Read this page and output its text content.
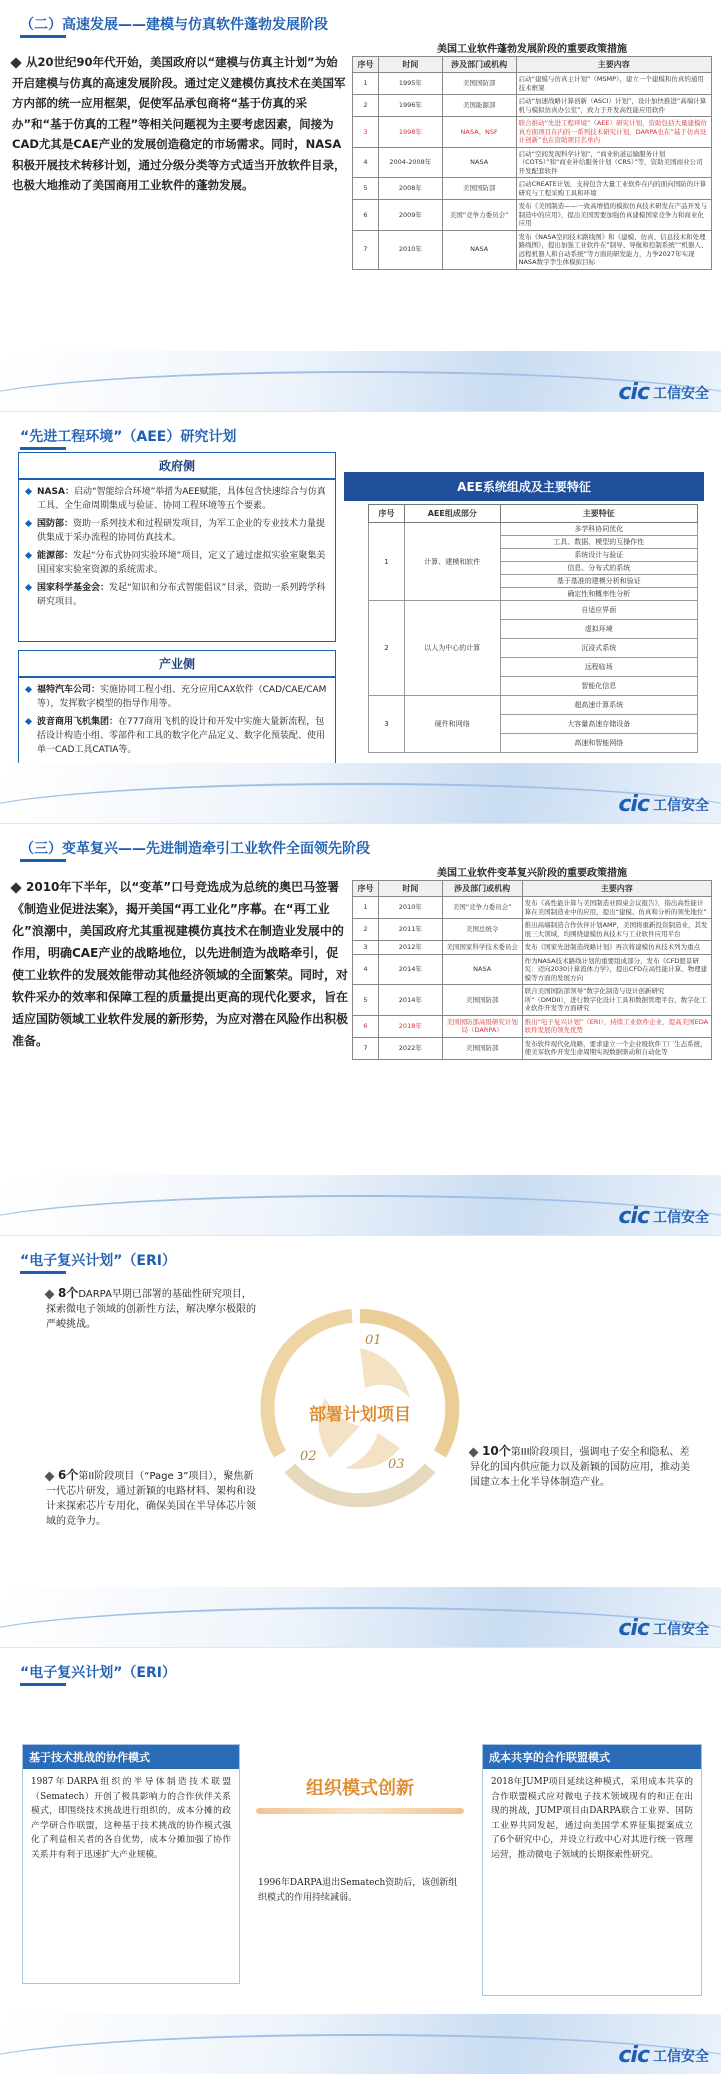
（二）高速发展——建模与仿真软件蓬勃发展阶段
从20世纪90年代开始，美国政府以“建模与仿真主计划”为始开启建模与仿真的高速发展阶段。通过定义建模仿真技术在美国军方内部的统一应用框架，促使军品承包商将“基于仿真的采办”和“基于仿真的工程”等相关问题视为主要考虑因素，间接为CAD尤其是CAE产业的发展创造稳定的市场需求。同时，NASA积极开展技术转移计划，通过分级分类等方式适当开放软件目录，也极大地推动了美国商用工业软件的蓬勃发展。
美国工业软件蓬勃发展阶段的重要政策措施
序号	时间	涉及部门或机构	主要内容
1	1995年	美国国防部	启动“建模与仿真主计划”（MSMP），建立一个建模和仿真的通用技术框架
2	1996年	美国能源部	启动“加速战略计算创新（ASCI）计划”，设计加快推进“高端计算机与模拟仿真办公室”，致力于开发高性能应用软件
3	1998年	NASA、NSF	联合推动“先进工程环境”（AEE）研究计划，资助包括大量建模仿真方面项目在内的一系列技术研究计划，DARPA也在“基于仿真设计创新”也在资助项目名单内
4	2004-2008年	NASA	启动“空间发现科学计划”，“商业轨道运输服务计划（COTS）”和“商业补给服务计划（CRS）”等，资助美国商业公司开发配套软件
5	2008年	美国国防部	启动CREATE计划，支持包含大量工业软件在内的面向国防的计算研究与工程采购工具和环境
6	2009年	美国“竞争力委员会”	发布《美国制造——一致高增值的模拟仿真技术研发在产品开发与制造中的应用》，提出美国需要加强仿真建模国家竞争力和商业化应用
7	2010年	NASA	发布《NASA空间技术路线图》和《建模、仿真、信息技术和处理路线图》，提出加强工业软件在“制导、导航和控制系统”“机器人、远程机器人和自动系统”等方面的研发能力，力争2027年实现NASA数字孪生体模拟目标
cic 工信安全
“先进工程环境”（AEE）研究计划
政府侧
NASA：启动“智能综合环境”举措为AEE赋能，具体包含快速综合与仿真工具、全生命周期集成与验证、协同工程环境等五个要素。
国防部：资助一系列技术和过程研发项目，为军工企业的专业技术力量提供集成于采办流程的协同仿真技术。
能源部：发起“分布式协同实验环境”项目，定义了通过虚拟实验室聚集美国国家实验室资源的系统需求。
国家科学基金会：发起“知识和分布式智能倡议”目录，资助一系列跨学科研究项目。
产业侧
福特汽车公司：实施协同工程小组、充分应用CAX软件（CAD/CAE/CAM等），发挥数字模型的指导作用等。
波音商用飞机集团：在777商用飞机的设计和开发中实施大量新流程，包括设计构造小组、零部件和工具的数字化产品定义、数字化预装配、使用单一CAD工具CATIA等。
AEE系统组成及主要特征
序号	AEE组成部分	主要特征
1	计算、建模和软件	多学科协同优化
		工具、数据、模型的互操作性
		系统设计与验证
		信息、分布式的系统
		基于基准的建模分析和验证
		确定性和概率性分析
2	以人为中心的计算	自适应界面
		虚拟环境
		沉浸式系统
		远程临场
		智能化信息
3	硬件和网络	超高速计算系统
		大容量高速存储设备
		高速和智能网络
cic 工信安全
（三）变革复兴——先进制造牵引工业软件全面领先阶段
2010年下半年，以“变革”口号竞选成为总统的奥巴马签署《制造业促进法案》，揭开美国“再工业化”序幕。在“再工业化”浪潮中，美国政府尤其重视建模仿真技术在制造业发展中的作用，明确CAE产业的战略地位，以先进制造为战略牵引，促使工业软件的发展效能带动其他经济领域的全面繁荣。同时，对软件采办的效率和保障工程的质量提出更高的现代化要求，旨在适应国防领域工业软件发展的新形势，为应对潜在风险作出积极准备。
美国工业软件变革复兴阶段的重要政策措施
序号	时间	涉及部门或机构	主要内容
1	2010年	美国“竞争力委员会”	发布《高性能计算与美国制造业圆桌会议报告》，指出高性能计算在美国制造业中的应用，提出“建模、仿真和分析的领先地位”
2	2011年	美国总统令	推出高端制造合作伙伴计划AMP，美国将重新投资制造业，其发展三大领域，均围绕建模仿真技术与工业软件应用平台
3	2012年	美国国家科学技术委员会	发布《国家先进制造战略计划》再次将建模仿真技术列为重点
4	2014年	NASA	作为NASA技术路线计划的重要组成部分，发布《CFD愿景研究：迈向2030计算流体力学》，提出CFD在高性能计算、物理建模等方面的发展方向
5	2014年	美国国防部	联合美国国防部领导“数字化制造与设计创新研究所”（DMDII），进行数字化设计工具和数据管理平台、数字化工业软件开发等方面研究
6	2018年	美国国防部高级研究计划局（DARPA）	推出“电子复兴计划”（ERI），持续工业软件企业，提高美国EDA软件发展的领先优势
7	2022年	美国国防部	发布软件现代化战略，要求建立一个企业级软件工厂生态系统，使美军软件开发生命周期实现数据驱动和自动化等
cic 工信安全
“电子复兴计划”（ERI）
01
02
03
部署计划项目
8个DARPA早期已部署的基础性研究项目，探索微电子领域的创新性方法，解决摩尔极限的严峻挑战。
6个第II阶段项目（“Page 3”项目），聚焦新一代芯片研发，通过新颖的电路材料、架构和设计来探索芯片专用化，确保美国在半导体芯片领域的竞争力。
10个第III阶段项目，强调电子安全和隐私、差异化的国内供应能力以及新颖的国防应用，推动美国建立本土化半导体制造产业。
cic 工信安全
“电子复兴计划”（ERI）
基于技术挑战的协作模式
1987年DARPA组织的半导体制造技术联盟（Sematech）开创了极具影响力的合作伙伴关系模式，即围绕技术挑战进行组织的，成本分摊的政产学研合作联盟，这种基于技术挑战的协作模式强化了利益相关者的各自优势，成本分摊加强了协作关系并有利于迅速扩大产业规模。
组织模式创新
1996年DARPA退出Sematech资助后，该创新组织模式的作用持续减弱。
成本共享的合作联盟模式
2018年JUMP项目延续这种模式，采用成本共享的合作联盟模式应对微电子技术领域现有的和正在出现的挑战，JUMP项目由DARPA联合工业界、国防工业界共同发起，通过向美国学术界征集提案成立了6个研究中心，并设立行政中心对其进行统一管理运营，推动微电子领域的长期探索性研究。
cic 工信安全
